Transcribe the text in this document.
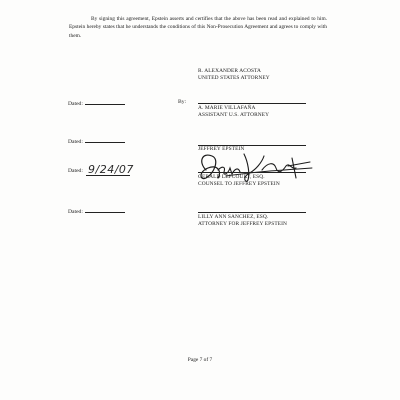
By signing this agreement, Epstein asserts and certifies that the above has been read and explained to him. Epstein hereby states that he understands the conditions of this Non-Prosecution Agreement and agrees to comply with them.

R. ALEXANDER ACOSTA
UNITED STATES ATTORNEY
Dated:	By:
A. MARIE VILLAFAÑA
ASSISTANT U.S. ATTORNEY
Dated:
JEFFREY EPSTEIN
Dated: 9/24/07
GERALD LEFCOURT, ESQ.
COUNSEL TO JEFFREY EPSTEIN
Dated:
LILLY ANN SANCHEZ, ESQ.
ATTORNEY FOR JEFFREY EPSTEIN
Page 7 of 7
